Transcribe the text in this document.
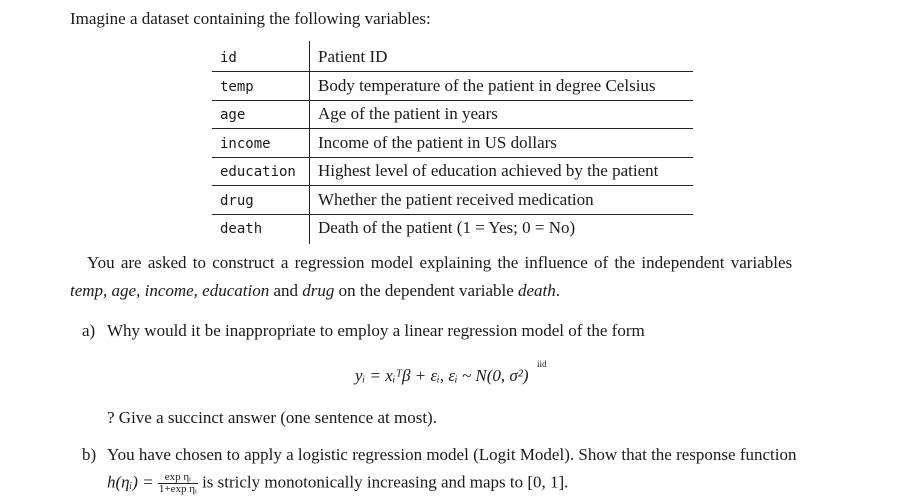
Imagine a dataset containing the following variables:
id	Patient ID
temp	Body temperature of the patient in degree Celsius
age	Age of the patient in years
income	Income of the patient in US dollars
education Highest level of education achieved by the patient
drug	Whether the patient received medication
death	Death of the patient (1 = Yes; 0 = No)
You are asked to construct a regression model explaining the influence of the independent variables
temp, age, income, education and drug on the dependent variable death.
a) Why would it be inappropriate to employ a linear regression model of the form
yᵢ = xᵢᵀβ + εᵢ, εᵢ ~ N(0, σ²)
iid
? Give a succinct answer (one sentence at most).
b) You have chosen to apply a logistic regression model (Logit Model). Show that the response function
h(ηᵢ) = $\frac{\text{exp ηᵢ}}{\text{1+exp ηᵢ}}$ is stricly monotonically increasing and maps to [0, 1].
